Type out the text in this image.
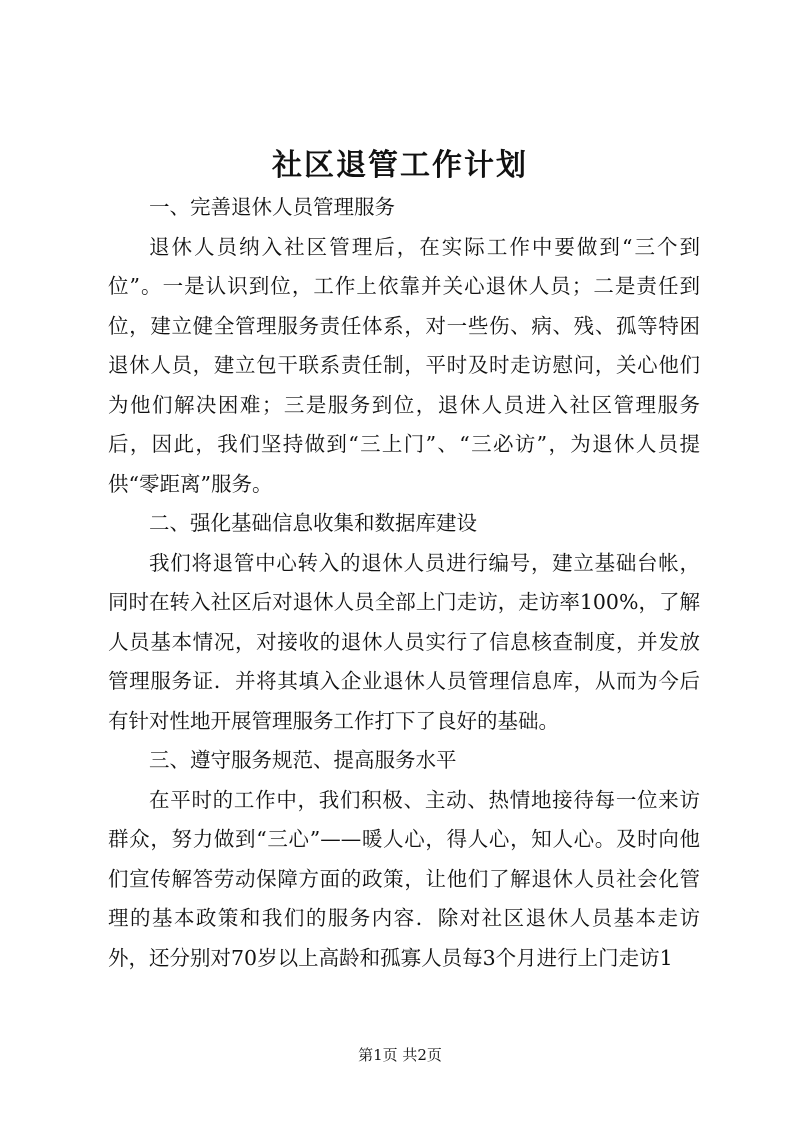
社区退管工作计划

一、完善退休人员管理服务

退休人员纳入社区管理后，在实际工作中要做到“三个到位”。一是认识到位，工作上依靠并关心退休人员；二是责任到位，建立健全管理服务责任体系，对一些伤、病、残、孤等特困退休人员，建立包干联系责任制，平时及时走访慰问，关心他们为他们解决困难；三是服务到位，退休人员进入社区管理服务后，因此，我们坚持做到“三上门”、“三必访”，为退休人员提供“零距离”服务。

二、强化基础信息收集和数据库建设

我们将退管中心转入的退休人员进行编号，建立基础台帐，同时在转入社区后对退休人员全部上门走访，走访率100%，了解人员基本情况，对接收的退休人员实行了信息核查制度，并发放管理服务证．并将其填入企业退休人员管理信息库，从而为今后有针对性地开展管理服务工作打下了良好的基础。

三、遵守服务规范、提高服务水平

在平时的工作中，我们积极、主动、热情地接待每一位来访群众，努力做到“三心”——暖人心，得人心，知人心。及时向他们宣传解答劳动保障方面的政策，让他们了解退休人员社会化管理的基本政策和我们的服务内容．除对社区退休人员基本走访外，还分别对70岁以上高龄和孤寡人员每3个月进行上门走访1

第1页 共2页
